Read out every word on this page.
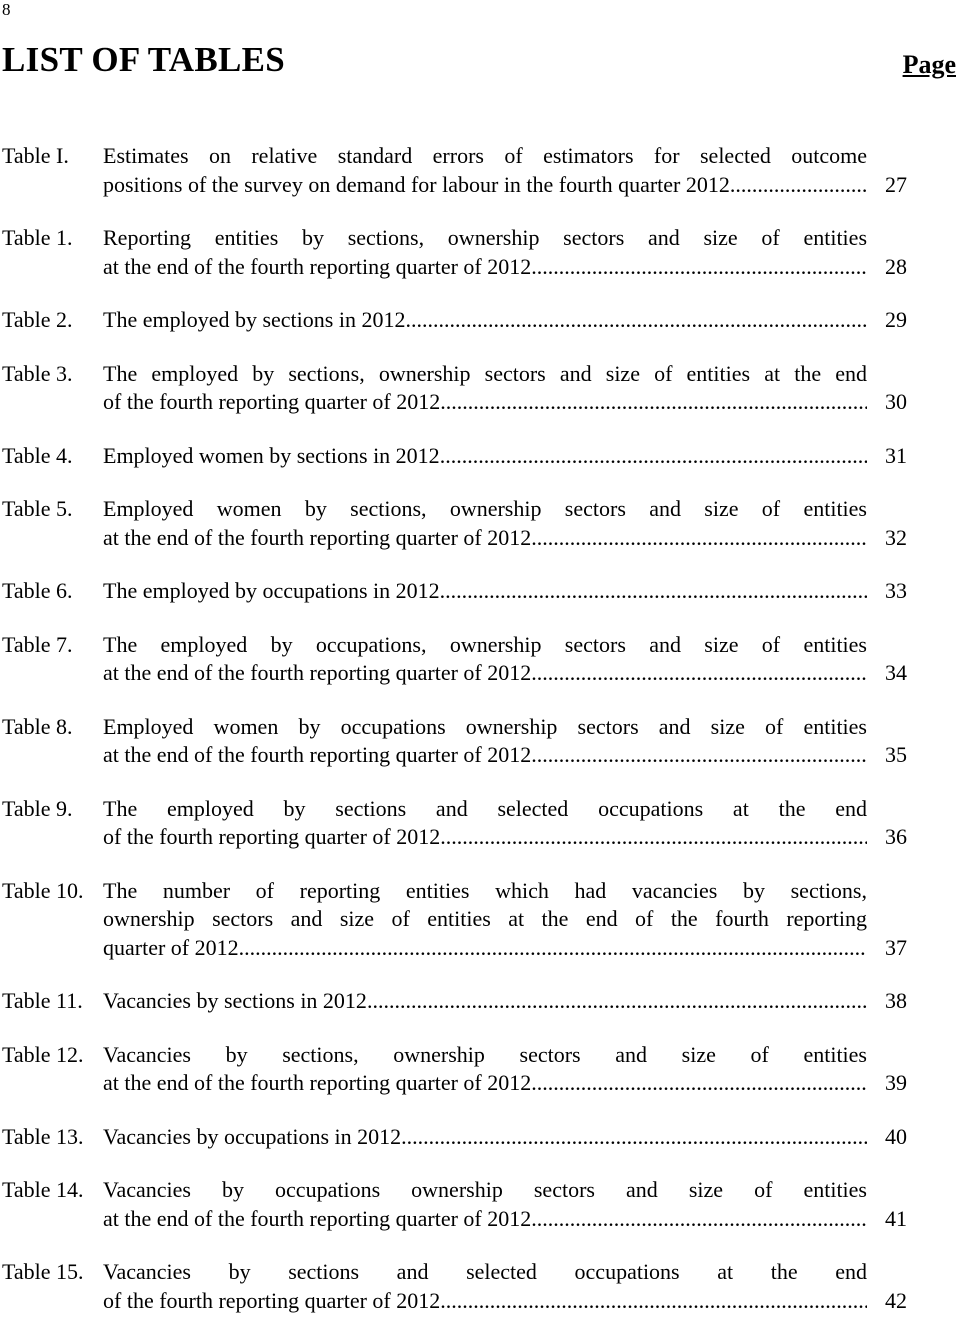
8
LIST OF TABLES	Page
Table I.	Estimates on relative standard errors of estimators for selected outcome
positions of the survey on demand for labour in the fourth quarter 2012 .....	27
Table 1.	Reporting entities by sections, ownership sectors and size of entities
at the end of the fourth reporting quarter of 2012 .....	28
Table 2.	The employed by sections in 2012 .....	29
Table 3.	The employed by sections, ownership sectors and size of entities at the end
of the fourth reporting quarter of 2012 .....	30
Table 4.	Employed women by sections in 2012 .....	31
Table 5.	Employed women by sections, ownership sectors and size of entities
at the end of the fourth reporting quarter of 2012 .....	32
Table 6.	The employed by occupations in 2012 .....	33
Table 7.	The employed by occupations, ownership sectors and size of entities
at the end of the fourth reporting quarter of 2012 .....	34
Table 8.	Employed women by occupations ownership sectors and size of entities
at the end of the fourth reporting quarter of 2012 .....	35
Table 9.	The employed by sections and selected occupations at the end
of the fourth reporting quarter of 2012 .....	36
Table 10. The number of reporting entities which had vacancies by sections,
ownership sectors and size of entities at the end of the fourth reporting
quarter of 2012 .....	37
Table 11. Vacancies by sections in 2012 .....	38
Table 12. Vacancies by sections, ownership sectors and size of entities
at the end of the fourth reporting quarter of 2012 .....	39
Table 13. Vacancies by occupations in 2012 .....	40
Table 14. Vacancies by occupations ownership sectors and size of entities
at the end of the fourth reporting quarter of 2012 .....	41
Table 15. Vacancies by sections and selected occupations at the end
of the fourth reporting quarter of 2012 .....	42
